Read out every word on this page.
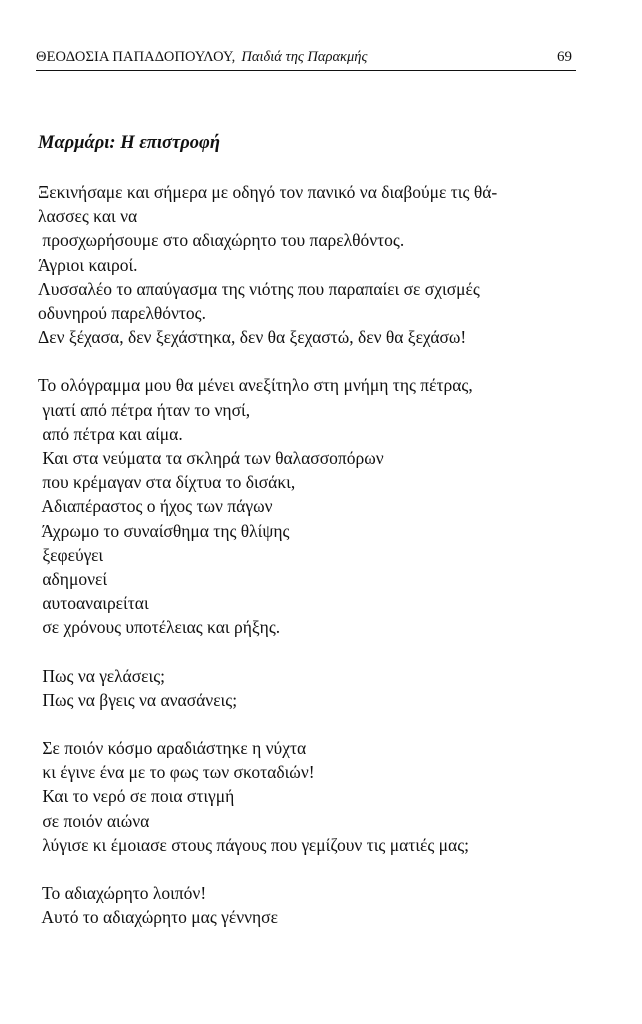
ΘΕΟΔΟΣΙΑ ΠΑΠΑΔΟΠΟΥΛΟΥ, Παιδιά της Παρακμής	69
Μαρμάρι: Η επιστροφή
Ξεκινήσαμε και σήμερα με οδηγό τον πανικό να διαβούμε τις θά-
λασσες και να
προσχωρήσουμε στο αδιαχώρητο του παρελθόντος.
Άγριοι καιροί.
Λυσσαλέο το απαύγασμα της νιότης που παραπαίει σε σχισμές
οδυνηρού παρελθόντος.
Δεν ξέχασα, δεν ξεχάστηκα, δεν θα ξεχαστώ, δεν θα ξεχάσω!
Το ολόγραμμα μου θα μένει ανεξίτηλο στη μνήμη της πέτρας,
γιατί από πέτρα ήταν το νησί,
από πέτρα και αίμα.
Και στα νεύματα τα σκληρά των θαλασσοπόρων
που κρέμαγαν στα δίχτυα το δισάκι,
Αδιαπέραστος ο ήχος των πάγων
Άχρωμο το συναίσθημα της θλίψης
ξεφεύγει
αδημονεί
αυτοαναιρείται
σε χρόνους υποτέλειας και ρήξης.
Πως να γελάσεις;
Πως να βγεις να ανασάνεις;
Σε ποιόν κόσμο αραδιάστηκε η νύχτα
κι έγινε ένα με το φως των σκοταδιών!
Και το νερό σε ποια στιγμή
σε ποιόν αιώνα
λύγισε κι έμοιασε στους πάγους που γεμίζουν τις ματιές μας;
Το αδιαχώρητο λοιπόν!
Αυτό το αδιαχώρητο μας γέννησε
